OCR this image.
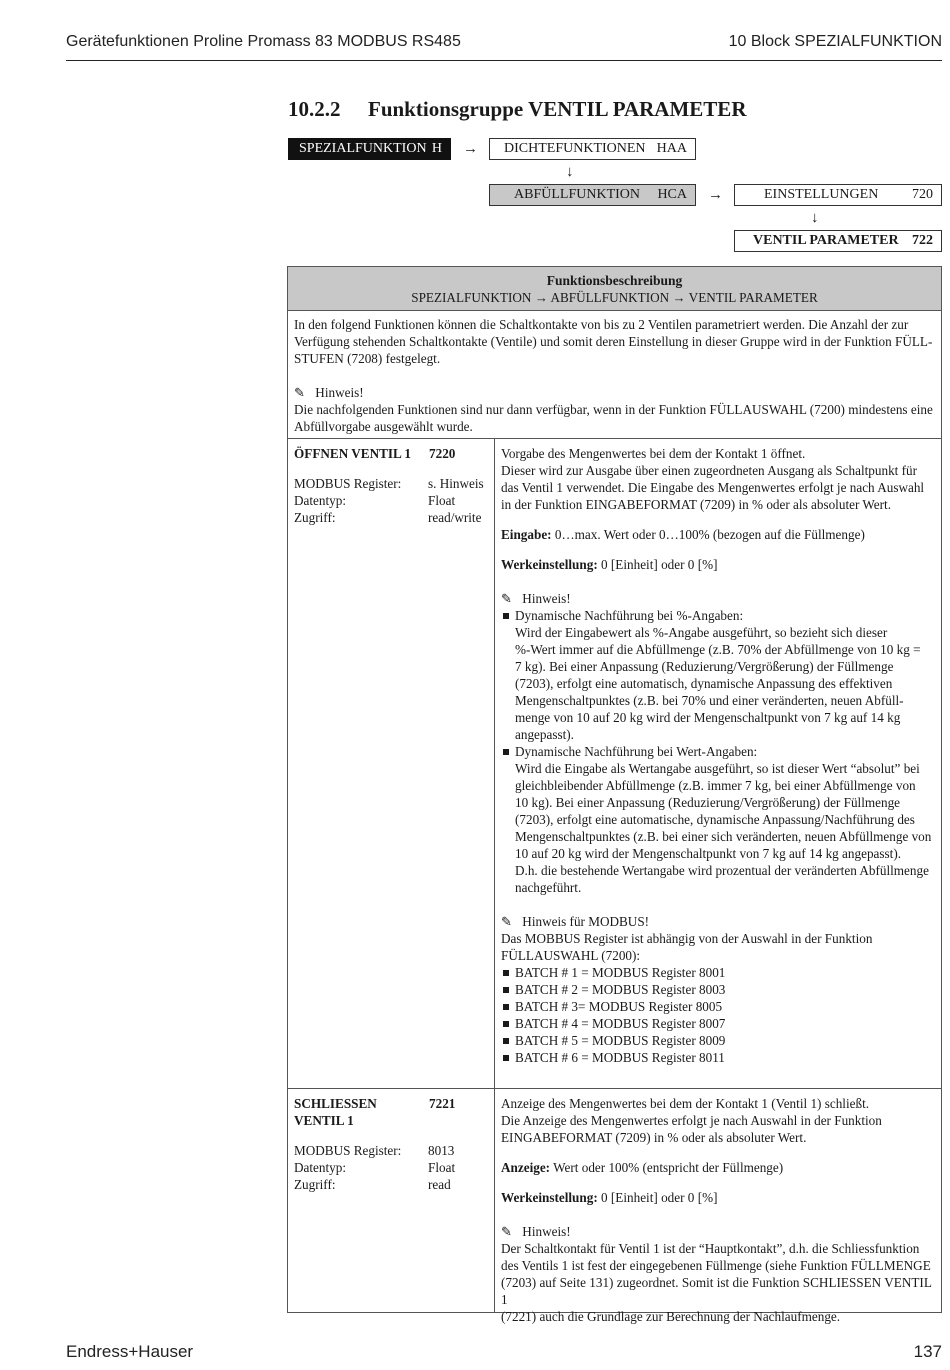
Gerätefunktionen Proline Promass 83 MODBUS RS485	10 Block SPEZIALFUNKTION
10.2.2 Funktionsgruppe VENTIL PARAMETER
SPEZIALFUNKTION H → DICHTEFUNKTIONEN HAA
↓
ABFÜLLFUNKTION HCA →	EINSTELLUNGEN 720
↓
VENTIL PARAMETER 722
Funktionsbeschreibung
SPEZIALFUNKTION → ABFÜLLFUNKTION → VENTIL PARAMETER

In den folgend Funktionen können die Schaltkontakte von bis zu 2 Ventilen parametriert werden. Die Anzahl der zur

Verfügung stehenden Schaltkontakte (Ventile) und somit deren Einstellung in dieser Gruppe wird in der Funktion FÜLL-

STUFEN (7208) festgelegt.

✎ Hinweis!

Die nachfolgenden Funktionen sind nur dann verfügbar, wenn in der Funktion FÜLLAUSWAHL (7200) mindestens eine

Abfüllvorgabe ausgewählt wurde.

ÖFFNEN VENTIL 1	7220
MODBUS Register:	s. Hinweis
Datentyp:	Float
Zugriff:	read/write

Vorgabe des Mengenwertes bei dem der Kontakt 1 öffnet.

Dieser wird zur Ausgabe über einen zugeordneten Ausgang als Schaltpunkt für

das Ventil 1 verwendet. Die Eingabe des Mengenwertes erfolgt je nach Auswahl

in der Funktion EINGABEFORMAT (7209) in % oder als absoluter Wert.

Eingabe: 0…max. Wert oder 0…100% (bezogen auf die Füllmenge)

Werkeinstellung: 0 [Einheit] oder 0 [%]

✎ Hinweis!

Dynamische Nachführung bei %-Angaben:
Wird der Eingabewert als %-Angabe ausgeführt, so bezieht sich dieser
%-Wert immer auf die Abfüllmenge (z.B. 70% der Abfüllmenge von 10 kg =
7 kg). Bei einer Anpassung (Reduzierung/Vergrößerung) der Füllmenge
(7203), erfolgt eine automatisch, dynamische Anpassung des effektiven
Mengenschaltpunktes (z.B. bei 70% und einer veränderten, neuen Abfüll-
menge von 10 auf 20 kg wird der Mengenschaltpunkt von 7 kg auf 14 kg
angepasst).
Dynamische Nachführung bei Wert-Angaben:
Wird die Eingabe als Wertangabe ausgeführt, so ist dieser Wert “absolut” bei
gleichbleibender Abfüllmenge (z.B. immer 7 kg, bei einer Abfüllmenge von
10 kg). Bei einer Anpassung (Reduzierung/Vergrößerung) der Füllmenge
(7203), erfolgt eine automatische, dynamische Anpassung/Nachführung des
Mengenschaltpunktes (z.B. bei einer sich veränderten, neuen Abfüllmenge von
10 auf 20 kg wird der Mengenschaltpunkt von 7 kg auf 14 kg angepasst).
D.h. die bestehende Wertangabe wird prozentual der veränderten Abfüllmenge
nachgeführt.

✎ Hinweis für MODBUS!

Das MOBBUS Register ist abhängig von der Auswahl in der Funktion

FÜLLAUSWAHL (7200):

BATCH # 1 = MODBUS Register 8001
BATCH # 2 = MODBUS Register 8003
BATCH # 3= MODBUS Register 8005
BATCH # 4 = MODBUS Register 8007
BATCH # 5 = MODBUS Register 8009
BATCH # 6 = MODBUS Register 8011
SCHLIESSEN
VENTIL 1
7221
MODBUS Register:	8013
Datentyp:	Float
Zugriff:	read

Anzeige des Mengenwertes bei dem der Kontakt 1 (Ventil 1) schließt.

Die Anzeige des Mengenwertes erfolgt je nach Auswahl in der Funktion

EINGABEFORMAT (7209) in % oder als absoluter Wert.

Anzeige: Wert oder 100% (entspricht der Füllmenge)

Werkeinstellung: 0 [Einheit] oder 0 [%]

✎ Hinweis!

Der Schaltkontakt für Ventil 1 ist der “Hauptkontakt”, d.h. die Schliessfunktion

des Ventils 1 ist fest der eingegebenen Füllmenge (siehe Funktion FÜLLMENGE

(7203) auf Seite 131) zugeordnet. Somit ist die Funktion SCHLIESSEN VENTIL 1

(7221) auch die Grundlage zur Berechnung der Nachlaufmenge.

Endress+Hauser	137
